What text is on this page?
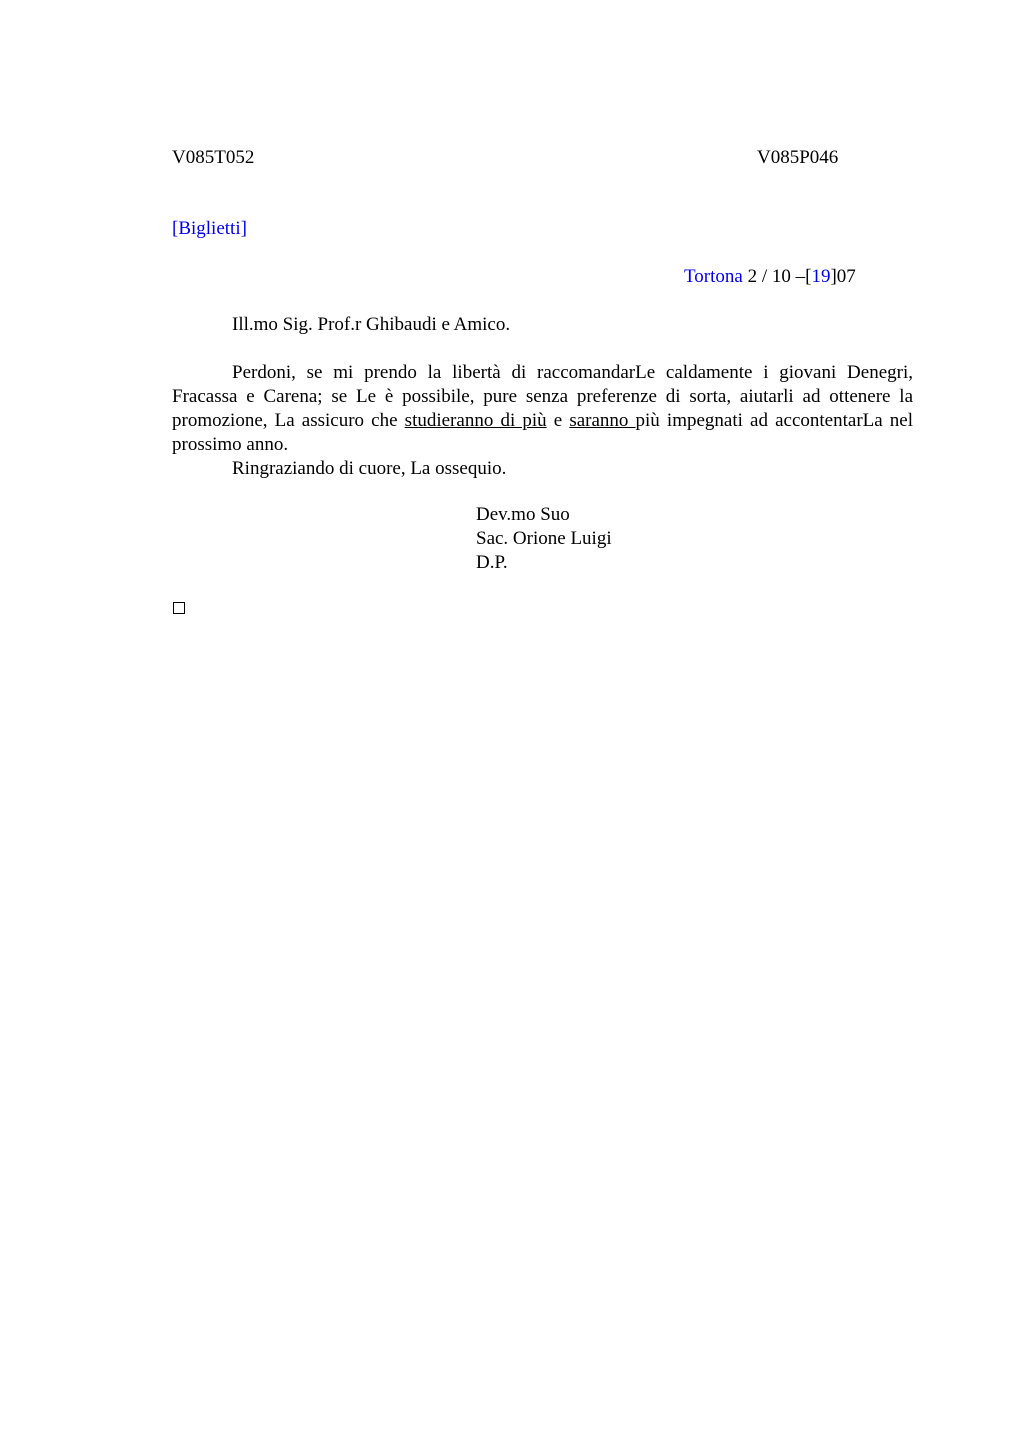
V085T052	V085P046
[Biglietti]
Tortona 2 / 10 –[19]07
Ill.mo Sig. Prof.r Ghibaudi e Amico.

Perdoni, se mi prendo la libertà di raccomandarLe caldamente i giovani Denegri, Fracassa e Carena; se Le è possibile, pure senza preferenze di sorta, aiutarli ad ottenere la promozione, La assicuro che studieranno di più e saranno più impegnati ad accontentarLa nel prossimo anno.

Ringraziando di cuore, La ossequio.

Dev.mo Suo
Sac. Orione Luigi
D.P.
